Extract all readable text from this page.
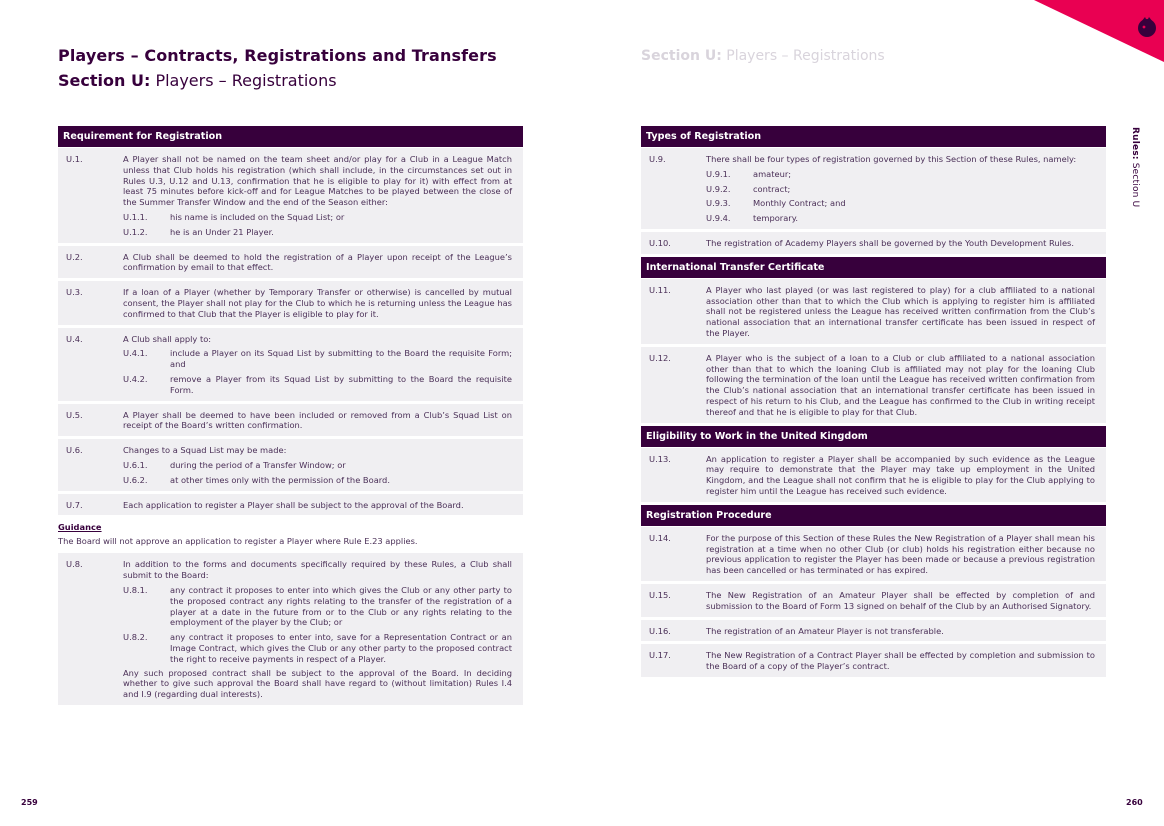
Players – Contracts, Registrations and Transfers
Section U: Players – Registrations
Section U: Players – Registrations
Rules: Section U
Requirement for Registration
U.1.	A Player shall not be named on the team sheet and/or play for a Club in a League Match unless that Club holds his registration (which shall include, in the circumstances set out in Rules U.3, U.12 and U.13, confirmation that he is eligible to play for it) with effect from at least 75 minutes before kick-off and for League Matches to be played between the close of the Summer Transfer Window and the end of the Season either:
U.1.1.	his name is included on the Squad List; or
U.1.2.	he is an Under 21 Player.
U.2.	A Club shall be deemed to hold the registration of a Player upon receipt of the League’s confirmation by email to that effect.
U.3.	If a loan of a Player (whether by Temporary Transfer or otherwise) is cancelled by mutual consent, the Player shall not play for the Club to which he is returning unless the League has confirmed to that Club that the Player is eligible to play for it.
U.4.	A Club shall apply to:
U.4.1.	include a Player on its Squad List by submitting to the Board the requisite Form; and
U.4.2.	remove a Player from its Squad List by submitting to the Board the requisite Form.
U.5.	A Player shall be deemed to have been included or removed from a Club’s Squad List on receipt of the Board’s written confirmation.
U.6.	Changes to a Squad List may be made:
U.6.1.	during the period of a Transfer Window; or
U.6.2.	at other times only with the permission of the Board.
U.7.	Each application to register a Player shall be subject to the approval of the Board.
Guidance
The Board will not approve an application to register a Player where Rule E.23 applies.
U.8.	In addition to the forms and documents specifically required by these Rules, a Club shall submit to the Board:
U.8.1.	any contract it proposes to enter into which gives the Club or any other party to the proposed contract any rights relating to the transfer of the registration of a player at a date in the future from or to the Club or any rights relating to the employment of the player by the Club; or
U.8.2.	any contract it proposes to enter into, save for a Representation Contract or an Image Contract, which gives the Club or any other party to the proposed contract the right to receive payments in respect of a Player.
Any such proposed contract shall be subject to the approval of the Board. In deciding whether to give such approval the Board shall have regard to (without limitation) Rules I.4 and I.9 (regarding dual interests).
Types of Registration
U.9.	There shall be four types of registration governed by this Section of these Rules, namely:
U.9.1.	amateur;
U.9.2.	contract;
U.9.3.	Monthly Contract; and
U.9.4.	temporary.
U.10.	The registration of Academy Players shall be governed by the Youth Development Rules.
International Transfer Certificate
U.11.	A Player who last played (or was last registered to play) for a club affiliated to a national association other than that to which the Club which is applying to register him is affiliated shall not be registered unless the League has received written confirmation from the Club’s national association that an international transfer certificate has been issued in respect of the Player.
U.12.	A Player who is the subject of a loan to a Club or club affiliated to a national association other than that to which the loaning Club is affiliated may not play for the loaning Club following the termination of the loan until the League has received written confirmation from the Club’s national association that an international transfer certificate has been issued in respect of his return to his Club, and the League has confirmed to the Club in writing receipt thereof and that he is eligible to play for that Club.
Eligibility to Work in the United Kingdom
U.13.	An application to register a Player shall be accompanied by such evidence as the League may require to demonstrate that the Player may take up employment in the United Kingdom, and the League shall not confirm that he is eligible to play for the Club applying to register him until the League has received such evidence.
Registration Procedure
U.14.	For the purpose of this Section of these Rules the New Registration of a Player shall mean his registration at a time when no other Club (or club) holds his registration either because no previous application to register the Player has been made or because a previous registration has been cancelled or has terminated or has expired.
U.15.	The New Registration of an Amateur Player shall be effected by completion of and submission to the Board of Form 13 signed on behalf of the Club by an Authorised Signatory.
U.16.	The registration of an Amateur Player is not transferable.
U.17.	The New Registration of a Contract Player shall be effected by completion and submission to the Board of a copy of the Player’s contract.
259	260
